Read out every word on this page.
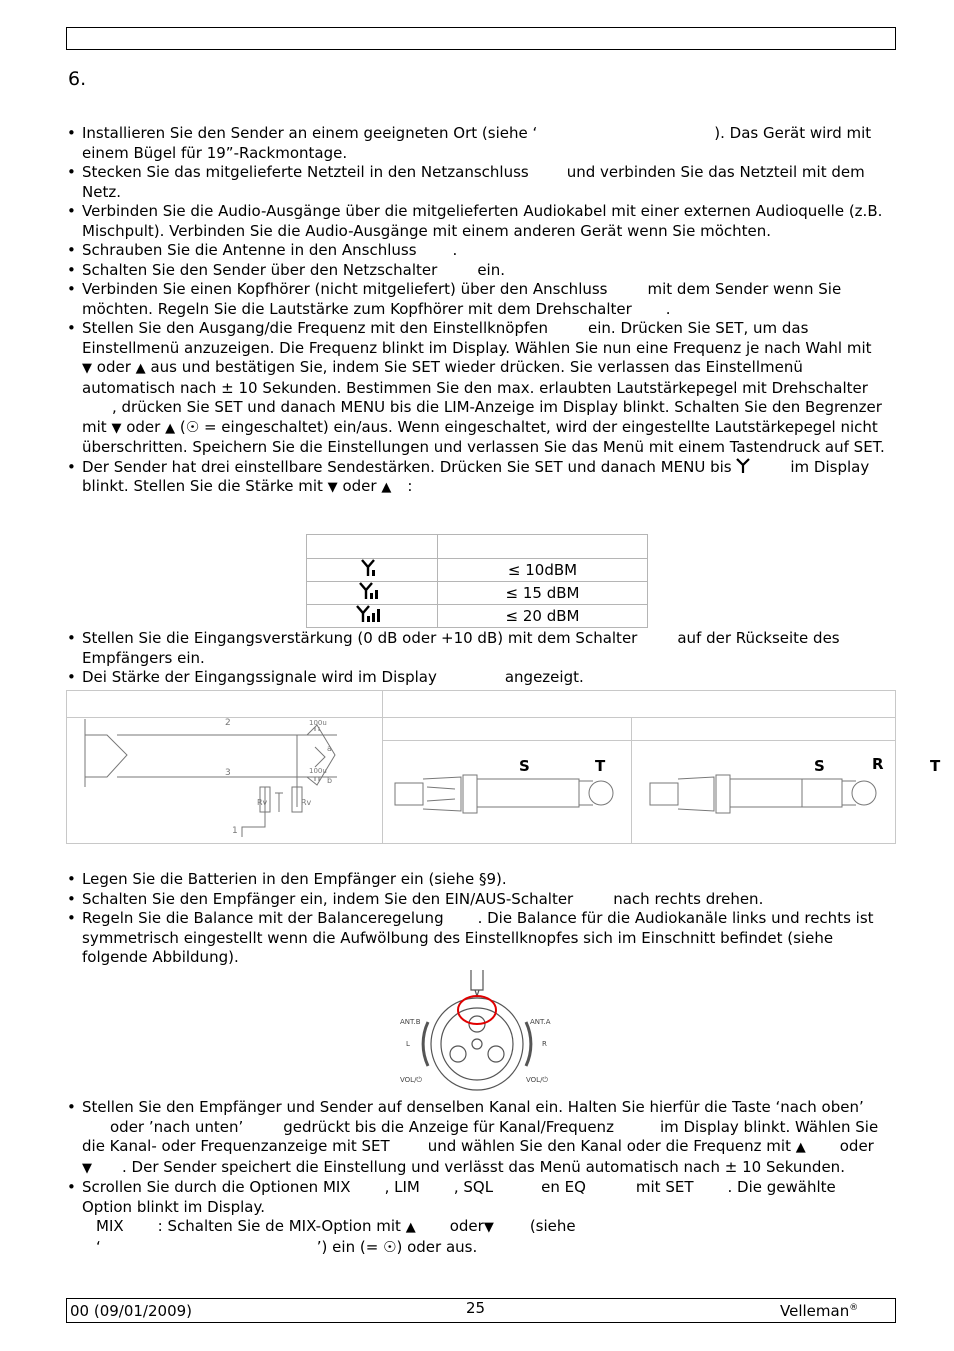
6.
• Installieren Sie den Sender an einem geeigneten Ort (siehe ‘	). Das Gerät wird mit einem Bügel für 19”-Rackmontage.
• Stecken Sie das mitgelieferte Netzteil in den Netzanschluss	und verbinden Sie das Netzteil mit dem Netz.
• Verbinden Sie die Audio-Ausgänge über die mitgelieferten Audiokabel mit einer externen Audioquelle (z.B. Mischpult). Verbinden Sie die Audio-Ausgänge mit einem anderen Gerät wenn Sie möchten.
• Schrauben Sie die Antenne in den Anschluss .
• Schalten Sie den Sender über den Netzschalter	ein.
• Verbinden Sie einen Kopfhörer (nicht mitgeliefert) über den Anschluss	mit dem Sender wenn Sie möchten. Regeln Sie die Lautstärke zum Kopfhörer mit dem Drehschalter .
• Stellen Sie den Ausgang/die Frequenz mit den Einstellknöpfen	ein. Drücken Sie SET, um das Einstellmenü anzuzeigen. Die Frequenz blinkt im Display. Wählen Sie nun eine Frequenz je nach Wahl mit ▼ oder ▲ aus und bestätigen Sie, indem Sie SET wieder drücken. Sie verlassen das Einstellmenü automatisch nach ± 10 Sekunden. Bestimmen Sie den max. erlaubten Lautstärkepegel mit Drehschalter, drücken Sie SET und danach MENU bis die LIM-Anzeige im Display blinkt. Schalten Sie den Begrenzer mit ▼ oder ▲ (☉ = eingeschaltet) ein/aus. Wenn eingeschaltet, wird der eingestellte Lautstärkepegel nicht überschritten. Speichern Sie die Einstellungen und verlassen Sie das Menü mit einem Tastendruck auf SET.
• Der Sender hat drei einstellbare Sendestärken. Drücken Sie SET und danach MENU bis	im Display blinkt. Stellen Sie die Stärke mit ▼ oder ▲ :

	≤ 10dBM
	≤ 15 dBM
	≤ 20 dBM
• Stellen Sie die Eingangsverstärkung (0 dB oder +10 dB) mit dem Schalter	auf der Rückseite des Empfängers ein.
• Dei Stärke der Eingangssignale wird im Display	angezeigt.
2
3
1
100u
100u
a
b
Rv	Rv
S	T	S	R	T
• Legen Sie die Batterien in den Empfänger ein (siehe §9).
• Schalten Sie den Empfänger ein, indem Sie den EIN/AUS-Schalter	nach rechts drehen.
• Regeln Sie die Balance mit der Balanceregelung . Die Balance für die Audiokanäle links und rechts ist symmetrisch eingestellt wenn die Aufwölbung des Einstellknopfes sich im Einschnitt befindet (siehe folgende Abbildung).
ANT.B	ANT.A
L	R
VOL/⏻	VOL/⏻
• Stellen Sie den Empfänger und Sender auf denselben Kanal ein. Halten Sie hierfür die Taste ‘nach oben’oder ’nach unten’	gedrückt bis die Anzeige für Kanal/Frequenz	im Display blinkt. Wählen Sie die Kanal- oder Frequenzanzeige mit SET	und wählen Sie den Kanal oder die Frequenz mit ▲ oder ▼ . Der Sender speichert die Einstellung und verlässt das Menü automatisch nach ± 10 Sekunden.
• Scrollen Sie durch die Optionen MIX , LIM , SQL	en EQ	mit SET . Die gewählte Option blinkt im Display.
MIX : Schalten Sie de MIX-Option mit ▲ oder▼ (siehe
‘	’) ein (= ☉) oder aus.
00 (09/01/2009)	25	Velleman®
